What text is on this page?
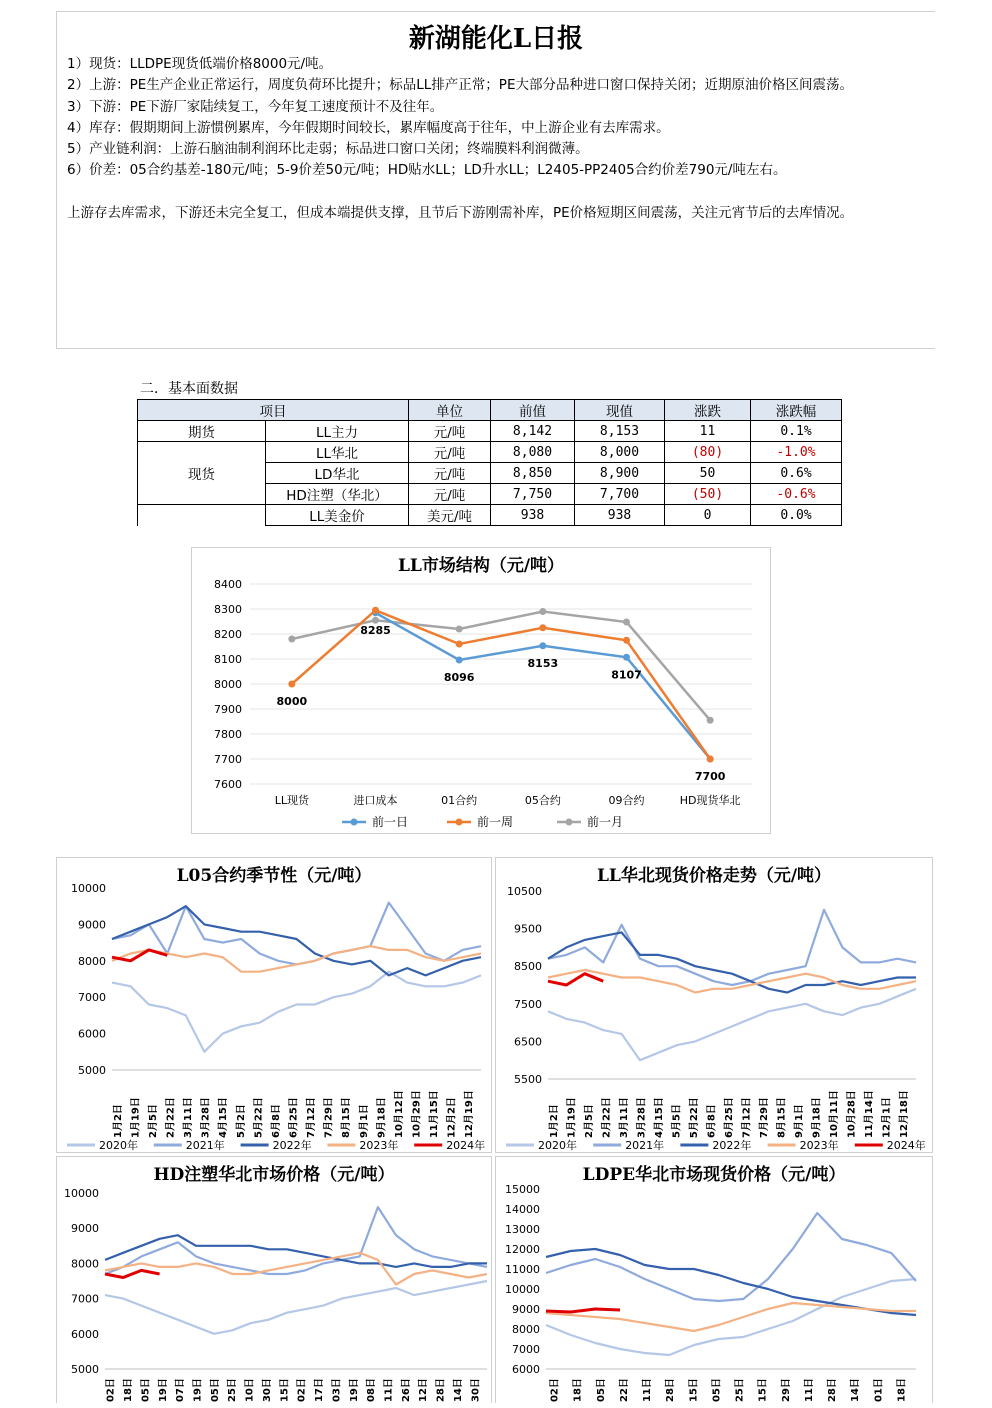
新湖能化L日报

1）现货：LLDPE现货低端价格8000元/吨。

2）上游：PE生产企业正常运行，周度负荷环比提升；标品LL排产正常；PE大部分品种进口窗口保持关闭；近期原油价格区间震荡。

3）下游：PE下游厂家陆续复工，今年复工速度预计不及往年。

4）库存：假期期间上游惯例累库，今年假期时间较长，累库幅度高于往年，中上游企业有去库需求。

5）产业链利润：上游石脑油制利润环比走弱；标品进口窗口关闭；终端膜料利润微薄。

6）价差：05合约基差-180元/吨；5-9价差50元/吨；HD贴水LL；LD升水LL；L2405-PP2405合约价差790元/吨左右。

上游存去库需求，下游还未完全复工，但成本端提供支撑，且节后下游刚需补库，PE价格短期区间震荡，关注元宵节后的去库情况。

二．基本面数据
项目		单位	前值	现值	涨跌	涨跌幅
期货	LL主力	元/吨	8,142	8,153	11	0.1%
现货	LL华北	元/吨	8,080	8,000	(80)	-1.0%
	LD华北	元/吨	8,850	8,900	50	0.6%
	HD注塑（华北）	元/吨	7,750	7,700	(50)	-0.6%
	LL美金价	美元/吨	938	938	0	0.0%
LL市场结构（元/吨）
7600
7700
7800
7900
8000
8100
8200
8300
8400
LL现货	进口成本	01合约	05合约	09合约	HD现货华北
8000
8285
8096
8153
8107
7700
前一日	前一周	前一月
L05合约季节性（元/吨）
5000
6000
7000
8000
9000
10000
1月2日 1月19日 2月5日 2月22日 3月11日 3月28日 4月15日 5月2日 5月22日 6月8日 6月25日 7月12日 7月29日 8月15日 9月1日 9月18日 10月12日 10月29日 11月15日 12月2日 12月19日
2020年	2021年	2022年	2023年	2024年
LL华北现货价格走势（元/吨）
5500
6500
7500
8500
9500
10500
1月2日 1月19日 2月5日 2月22日 3月11日 3月28日 4月15日 5月5日 5月22日 6月8日 6月25日 7月12日 7月29日 8月15日 9月1日 9月18日 10月11日 10月28日 11月14日 12月1日 12月18日
2020年	2021年	2022年	2023年	2024年
HD注塑华北市场价格（元/吨）
5000
6000
7000
8000
9000
10000
02日 18日 05日 19日 07日 19日 05日 25日 10日 30日 15日 02日 17日 03日 19日 08日 11日 26日 12日 28日 14日 30日
LDPE华北市场现货价格（元/吨）
6000
7000
8000
9000
10000
11000
12000
13000
14000
15000
02日 18日 05日 22日 11日 28日 15日 05日 25日 15日 29日 11日 28日 14日 01日 18日
